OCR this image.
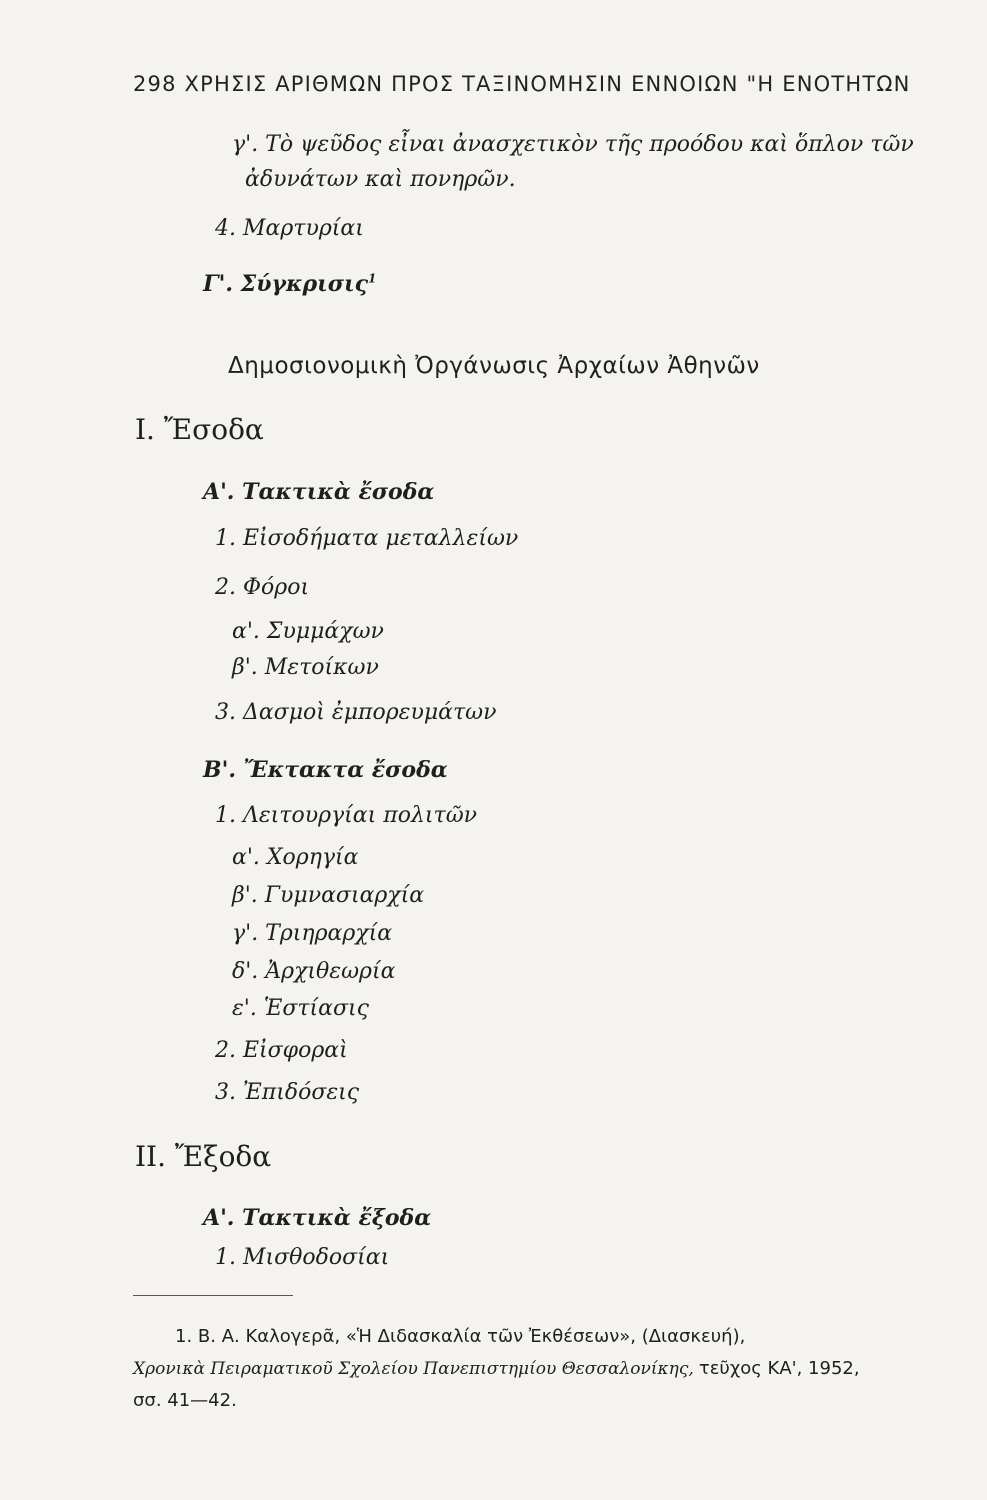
298 ΧΡΗΣΙΣ ΑΡΙΘΜΩΝ ΠΡΟΣ ΤΑΞΙΝΟΜΗΣΙΝ ΕΝΝΟΙΩΝ "Η ΕΝΟΤΗΤΩΝ
γ'. Τὸ ψεῦδος εἶναι ἀνασχετικὸν τῆς προόδου καὶ ὅπλον τῶν
ἀδυνάτων καὶ πονηρῶν.
4. Μαρτυρίαι
Γ'. Σύγκρισις$^1$
Δημοσιονομικὴ Ὀργάνωσις Ἀρχαίων Ἀθηνῶν
Ι. Ἔσοδα
Α'. Τακτικὰ ἔσοδα
1. Εἰσοδήματα μεταλλείων
2. Φόροι
α'. Συμμάχων
β'. Μετοίκων
3. Δασμοὶ ἐμπορευμάτων
Β'. Ἔκτακτα ἔσοδα
1. Λειτουργίαι πολιτῶν
α'. Χορηγία
β'. Γυμνασιαρχία
γ'. Τριηραρχία
δ'. Ἀρχιθεωρία
ε'. Ἑστίασις
2. Εἰσφοραὶ
3. Ἐπιδόσεις
ΙΙ. Ἔξοδα
Α'. Τακτικὰ ἔξοδα
1. Μισθοδοσίαι
1. Β. Α. Καλογερᾶ, «Ἡ Διδασκαλία τῶν Ἐκθέσεων», (Διασκευή),
Χρονικὰ Πειραματικοῦ Σχολείου Πανεπιστημίου Θεσσαλονίκης, τεῦχος ΚΑ', 1952,
σσ. 41—42.
